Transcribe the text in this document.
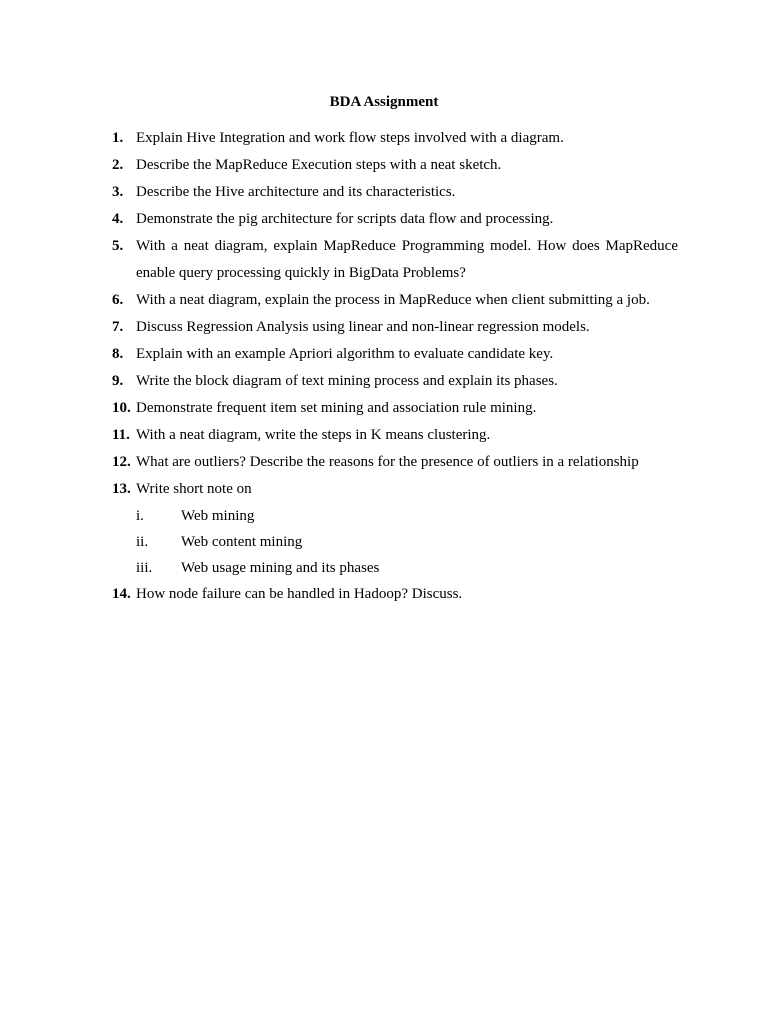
BDA Assignment
1. Explain Hive Integration and work flow steps involved with a diagram.
2. Describe the MapReduce Execution steps with a neat sketch.
3. Describe the Hive architecture and its characteristics.
4. Demonstrate the pig architecture for scripts data flow and processing.
5. With a neat diagram, explain MapReduce Programming model. How does MapReduce enable query processing quickly in BigData Problems?
6. With a neat diagram, explain the process in MapReduce when client submitting a job.
7. Discuss Regression Analysis using linear and non-linear regression models.
8. Explain with an example Apriori algorithm to evaluate candidate key.
9. Write the block diagram of text mining process and explain its phases.
10. Demonstrate frequent item set mining and association rule mining.
11. With a neat diagram, write the steps in K means clustering.
12. What are outliers? Describe the reasons for the presence of outliers in a relationship
13. Write short note on
i. Web mining
ii. Web content mining
iii. Web usage mining and its phases
14. How node failure can be handled in Hadoop? Discuss.
